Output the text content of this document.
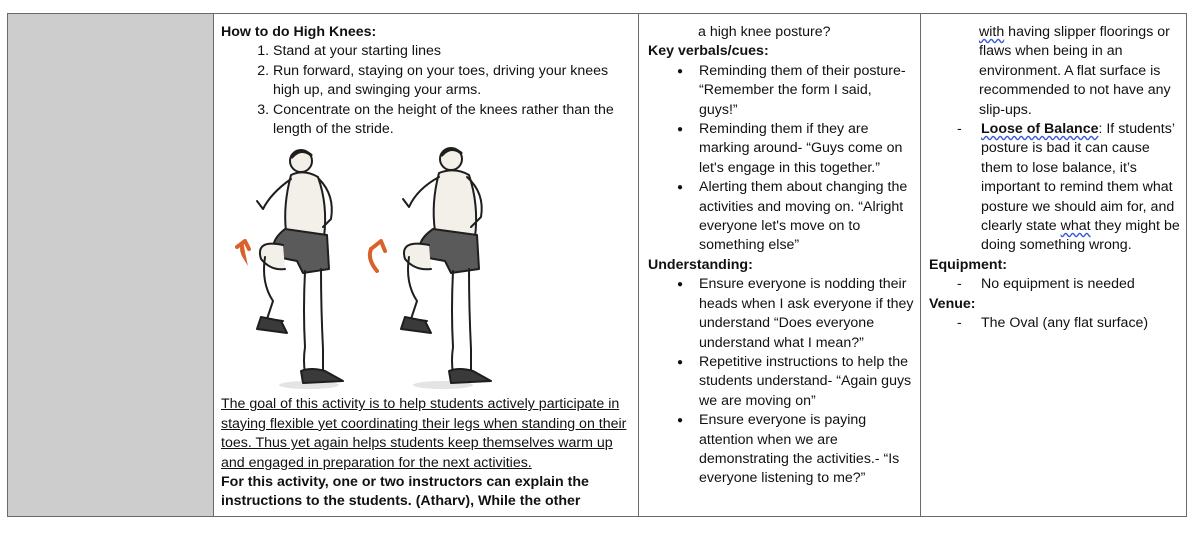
How to do High Knees:
1. Stand at your starting lines
2. Run forward, staying on your toes, driving your knees high up, and swinging your arms.
3. Concentrate on the height of the knees rather than the length of the stride.
The goal of this activity is to help students actively participate in staying flexible yet coordinating their legs when standing on their toes. Thus yet again helps students keep themselves warm up and engaged in preparation for the next activities.
For this activity, one or two instructors can explain the instructions to the students. (Atharv), While the other
a high knee posture?
Key verbals/cues:
● Reminding them of their posture- “Remember the form I said, guys!”
● Reminding them if they are marking around- “Guys come on let's engage in this together.”
● Alerting them about changing the activities and moving on. “Alright everyone let's move on to something else”
Understanding:
● Ensure everyone is nodding their heads when I ask everyone if they understand “Does everyone understand what I mean?”
● Repetitive instructions to help the students understand- “Again guys we are moving on”
● Ensure everyone is paying attention when we are demonstrating the activities.- “Is everyone listening to me?”
with having slipper floorings or flaws when being in an environment. A flat surface is recommended to not have any slip-ups.
- Loose of Balance: If students’ posture is bad it can cause them to lose balance, it’s important to remind them what posture we should aim for, and clearly state what they might be doing something wrong.
Equipment:
- No equipment is needed
Venue:
- The Oval (any flat surface)
